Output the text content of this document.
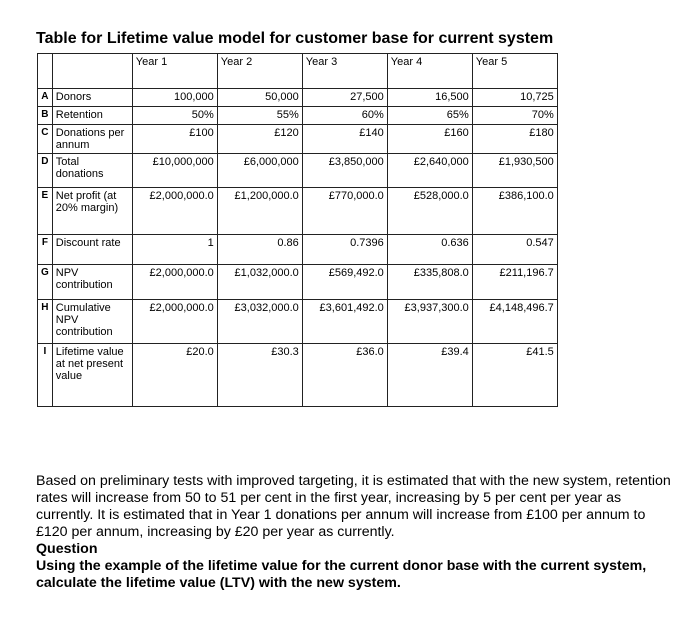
Table for Lifetime value model for customer base for current system
		Year 1	Year 2	Year 3	Year 4	Year 5
A	Donors	100,000	50,000	27,500	16,500	10,725
B	Retention	50%	55%	60%	65%	70%
C	Donations per annum	£100	£120	£140	£160	£180
D	Total donations	£10,000,000	£6,000,000	£3,850,000	£2,640,000	£1,930,500
E	Net profit (at 20% margin)	£2,000,000.0	£1,200,000.0	£770,000.0	£528,000.0	£386,100.0
F	Discount rate	1	0.86	0.7396	0.636	0.547
G	NPV contribution	£2,000,000.0	£1,032,000.0	£569,492.0	£335,808.0	£211,196.7
H	Cumulative NPV contribution	£2,000,000.0	£3,032,000.0	£3,601,492.0	£3,937,300.0	£4,148,496.7
I	Lifetime value at net present value	£20.0	£30.3	£36.0	£39.4	£41.5

Based on preliminary tests with improved targeting, it is estimated that with the new system, retention rates will increase from 50 to 51 per cent in the first year, increasing by 5 per cent per year as currently. It is estimated that in Year 1 donations per annum will increase from £100 per annum to £120 per annum, increasing by £20 per year as currently.

Question

Using the example of the lifetime value for the current donor base with the current system, calculate the lifetime value (LTV) with the new system.
